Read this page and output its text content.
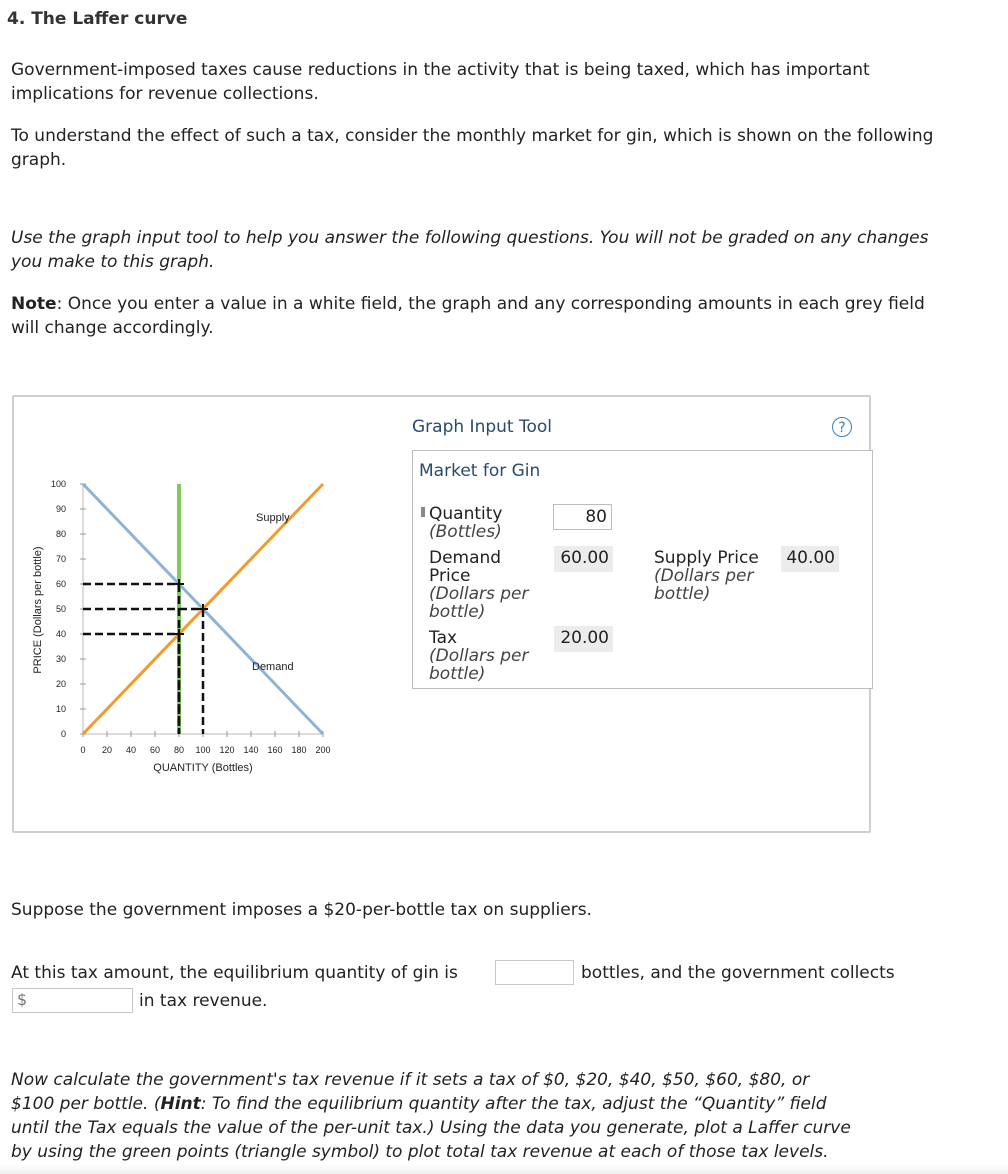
4. The Laffer curve

Government-imposed taxes cause reductions in the activity that is being taxed, which has important implications for revenue collections.

To understand the effect of such a tax, consider the monthly market for gin, which is shown on the following graph.

Use the graph input tool to help you answer the following questions. You will not be graded on any changes you make to this graph.

Note: Once you enter a value in a white field, the graph and any corresponding amounts in each grey field will change accordingly.

0 20 40 60 80 100 120 140 160 180 200
0
10
20
30
40
50
60
70
80
90
100
Supply
Demand
QUANTITY (Bottles)
PRICE (Dollars per bottle)
Graph Input Tool	?
Market for Gin
Quantity
(Bottles)
80
Demand
Price
(Dollars per
bottle)
60.00	Supply Price
(Dollars per
bottle)
40.00
Tax
(Dollars per
bottle)
20.00

Suppose the government imposes a $20-per-bottle tax on suppliers.

At this tax amount, the equilibrium quantity of gin is	bottles, and the government collects

$	in tax revenue.

Now calculate the government's tax revenue if it sets a tax of $0, $20, $40, $50, $60, $80, or
$100 per bottle. (Hint: To find the equilibrium quantity after the tax, adjust the “Quantity” field
until the Tax equals the value of the per-unit tax.) Using the data you generate, plot a Laffer curve
by using the green points (triangle symbol) to plot total tax revenue at each of those tax levels.
